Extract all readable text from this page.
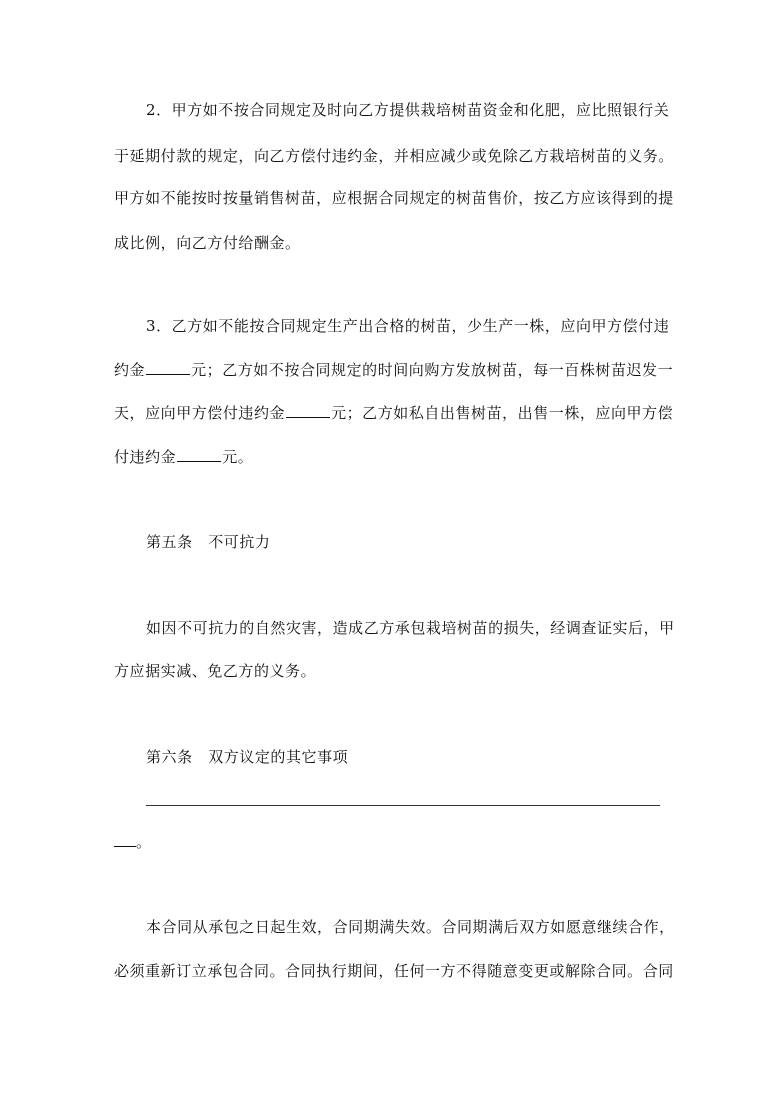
2．甲方如不按合同规定及时向乙方提供栽培树苗资金和化肥，应比照银行关
于延期付款的规定，向乙方偿付违约金，并相应减少或免除乙方栽培树苗的义务。
甲方如不能按时按量销售树苗，应根据合同规定的树苗售价，按乙方应该得到的提
成比例，向乙方付给酬金。
3．乙方如不能按合同规定生产出合格的树苗，少生产一株，应向甲方偿付违
约金	元；乙方如不按合同规定的时间向购方发放树苗，每一百株树苗迟发一
天，应向甲方偿付违约金	元；乙方如私自出售树苗，出售一株，应向甲方偿
付违约金	元。
第五条　不可抗力
如因不可抗力的自然灾害，造成乙方承包栽培树苗的损失，经调查证实后，甲
方应据实减、免乙方的义务。
第六条　双方议定的其它事项
。
本合同从承包之日起生效，合同期满失效。合同期满后双方如愿意继续合作，
必须重新订立承包合同。合同执行期间，任何一方不得随意变更或解除合同。合同
